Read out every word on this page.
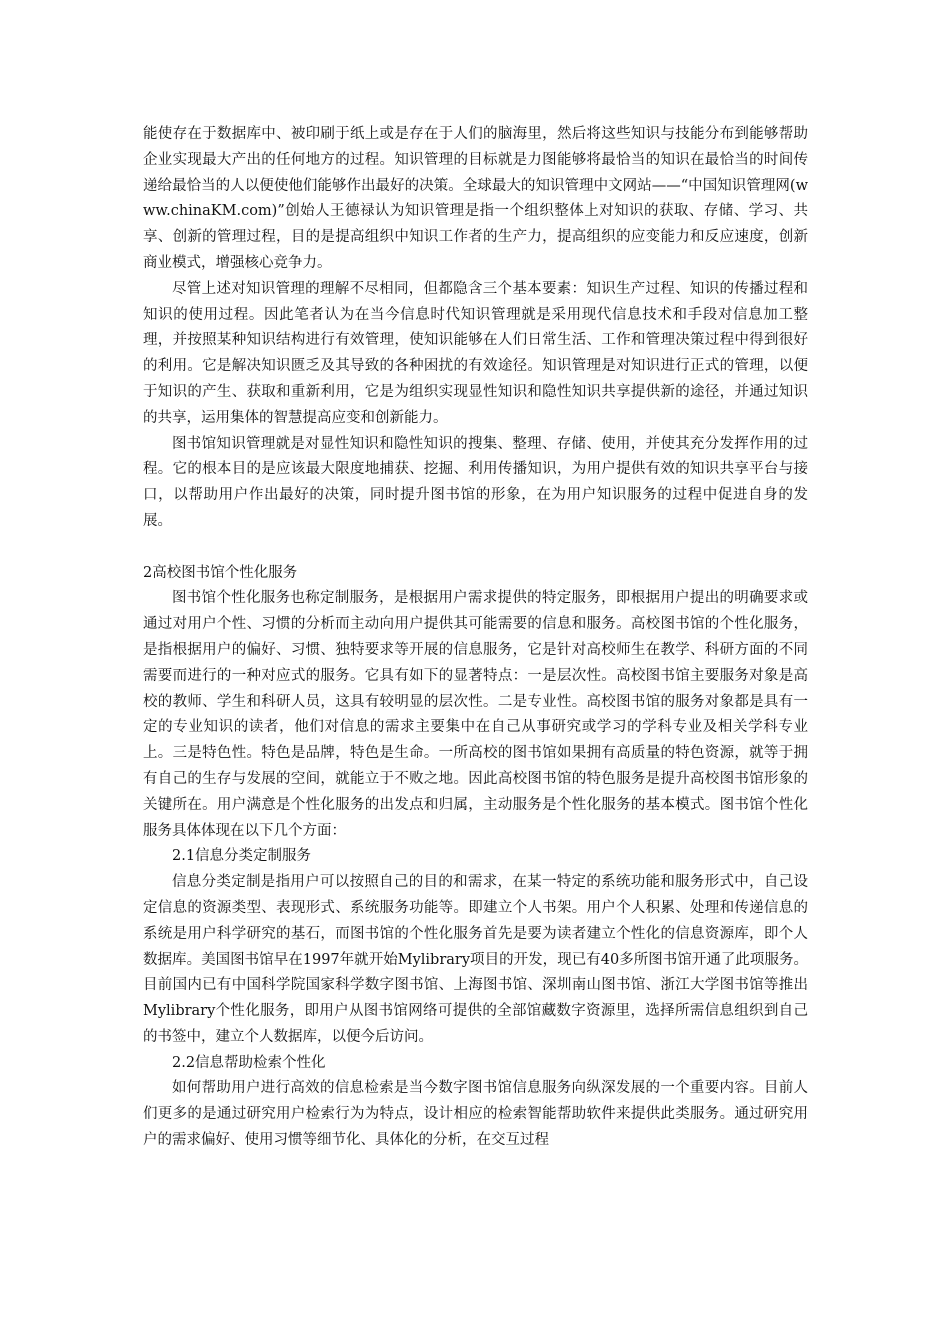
能使存在于数据库中、被印刷于纸上或是存在于人们的脑海里，然后将这些知识与技能分布到能够帮助企业实现最大产出的任何地方的过程。知识管理的目标就是力图能够将最恰当的知识在最恰当的时间传递给最恰当的人以便使他们能够作出最好的决策。全球最大的知识管理中文网站——“中国知识管理网(www.chinaKM.com)”创始人王德禄认为知识管理是指一个组织整体上对知识的获取、存储、学习、共享、创新的管理过程，目的是提高组织中知识工作者的生产力，提高组织的应变能力和反应速度，创新商业模式，增强核心竞争力。

尽管上述对知识管理的理解不尽相同，但都隐含三个基本要素：知识生产过程、知识的传播过程和知识的使用过程。因此笔者认为在当今信息时代知识管理就是采用现代信息技术和手段对信息加工整理，并按照某种知识结构进行有效管理，使知识能够在人们日常生活、工作和管理决策过程中得到很好的利用。它是解决知识匮乏及其导致的各种困扰的有效途径。知识管理是对知识进行正式的管理，以便于知识的产生、获取和重新利用，它是为组织实现显性知识和隐性知识共享提供新的途径，并通过知识的共享，运用集体的智慧提高应变和创新能力。

图书馆知识管理就是对显性知识和隐性知识的搜集、整理、存储、使用，并使其充分发挥作用的过程。它的根本目的是应该最大限度地捕获、挖掘、利用传播知识，为用户提供有效的知识共享平台与接口，以帮助用户作出最好的决策，同时提升图书馆的形象，在为用户知识服务的过程中促进自身的发展。

2高校图书馆个性化服务

图书馆个性化服务也称定制服务，是根据用户需求提供的特定服务，即根据用户提出的明确要求或通过对用户个性、习惯的分析而主动向用户提供其可能需要的信息和服务。高校图书馆的个性化服务，是指根据用户的偏好、习惯、独特要求等开展的信息服务，它是针对高校师生在教学、科研方面的不同需要而进行的一种对应式的服务。它具有如下的显著特点：一是层次性。高校图书馆主要服务对象是高校的教师、学生和科研人员，这具有较明显的层次性。二是专业性。高校图书馆的服务对象都是具有一定的专业知识的读者，他们对信息的需求主要集中在自己从事研究或学习的学科专业及相关学科专业上。三是特色性。特色是品牌，特色是生命。一所高校的图书馆如果拥有高质量的特色资源，就等于拥有自己的生存与发展的空间，就能立于不败之地。因此高校图书馆的特色服务是提升高校图书馆形象的关键所在。用户满意是个性化服务的出发点和归属，主动服务是个性化服务的基本模式。图书馆个性化服务具体体现在以下几个方面：

2.1信息分类定制服务

信息分类定制是指用户可以按照自己的目的和需求，在某一特定的系统功能和服务形式中，自己设定信息的资源类型、表现形式、系统服务功能等。即建立个人书架。用户个人积累、处理和传递信息的系统是用户科学研究的基石，而图书馆的个性化服务首先是要为读者建立个性化的信息资源库，即个人数据库。美国图书馆早在1997年就开始Mylibrary项目的开发，现已有40多所图书馆开通了此项服务。目前国内已有中国科学院国家科学数字图书馆、上海图书馆、深圳南山图书馆、浙江大学图书馆等推出Mylibrary个性化服务，即用户从图书馆网络可提供的全部馆藏数字资源里，选择所需信息组织到自己的书签中，建立个人数据库，以便今后访问。

2.2信息帮助检索个性化

如何帮助用户进行高效的信息检索是当今数字图书馆信息服务向纵深发展的一个重要内容。目前人们更多的是通过研究用户检索行为为特点，设计相应的检索智能帮助软件来提供此类服务。通过研究用户的需求偏好、使用习惯等细节化、具体化的分析，在交互过程
